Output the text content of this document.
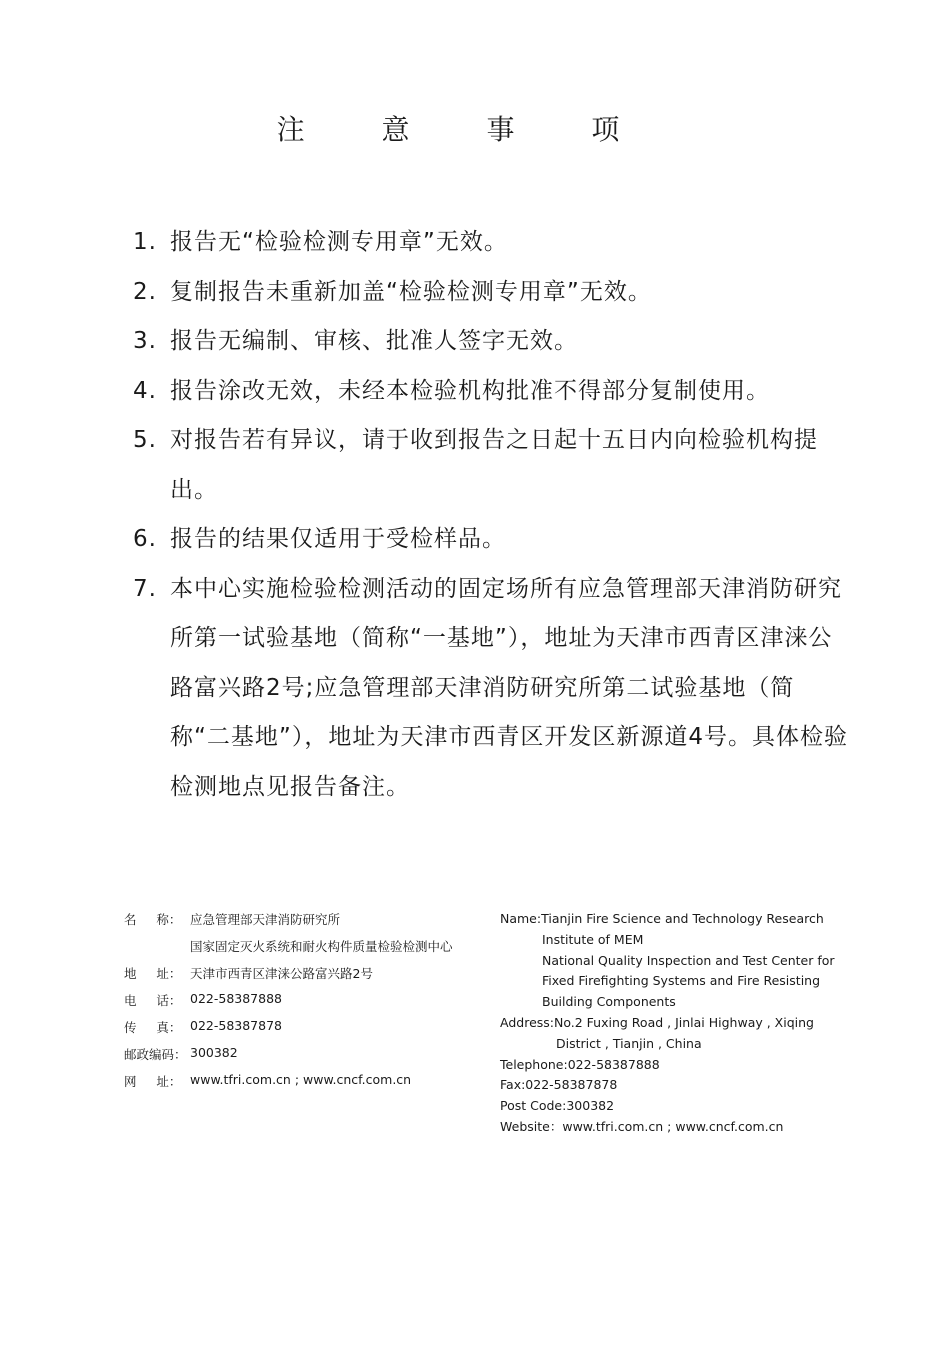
注 意 事 项
1. 报告无“检验检测专用章”无效。
2. 复制报告未重新加盖“检验检测专用章”无效。
3. 报告无编制、审核、批准人签字无效。
4. 报告涂改无效，未经本检验机构批准不得部分复制使用。
5. 对报告若有异议，请于收到报告之日起十五日内向检验机构提出。
6. 报告的结果仅适用于受检样品。
7. 本中心实施检验检测活动的固定场所有应急管理部天津消防研究所第一试验基地（简称“一基地”），地址为天津市西青区津涞公路富兴路2号;应急管理部天津消防研究所第二试验基地（简称“二基地”），地址为天津市西青区开发区新源道4号。具体检验检测地点见报告备注。
名     称： 应急管理部天津消防研究所
国家固定灭火系统和耐火构件质量检验检测中心
地     址： 天津市西青区津涞公路富兴路2号
电     话： 022-58387888
传     真： 022-58387878
邮政编码： 300382
网     址： www.tfri.com.cn ; www.cncf.com.cn
Name:Tianjin Fire Science and Technology Research
Institute of MEM
National Quality Inspection and Test Center for
Fixed Firefighting Systems and Fire Resisting
Building Components
Address:No.2 Fuxing Road , Jinlai Highway , Xiqing
District , Tianjin , China
Telephone:022-58387888
Fax:022-58387878
Post Code:300382
Website：www.tfri.com.cn ; www.cncf.com.cn
